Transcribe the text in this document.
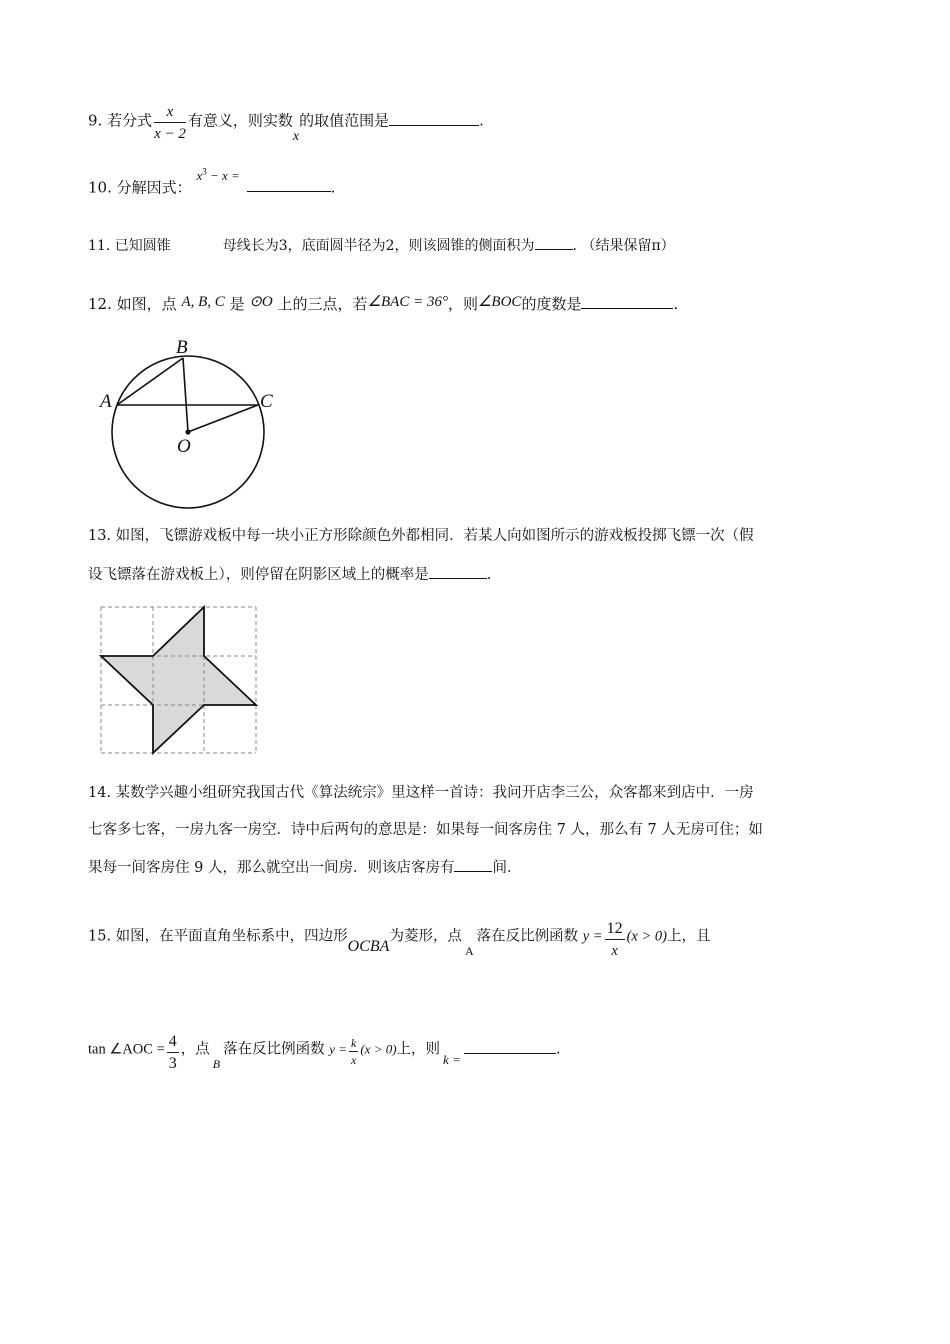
9. 若分式 $\frac{x}{x - 2}$ 有意义，则实数x的取值范围是	.
10. 分解因式： $x^3 - x$ = .
11. 已知圆锥	母线长为3，底面圆半径为2，则该圆锥的侧面积为	. （结果保留π）
12. 如图，点 A, B, C 是 ⊙O 上的三点，若∠BAC = 36°，则∠BOC的度数是	.
B
A	C
O
13. 如图，飞镖游戏板中每一块小正方形除颜色外都相同．若某人向如图所示的游戏板投掷飞镖一次（假
设飞镖落在游戏板上），则停留在阴影区域上的概率是	.
14. 某数学兴趣小组研究我国古代《算法统宗》里这样一首诗：我问开店李三公，众客都来到店中．一房
七客多七客，一房九客一房空．诗中后两句的意思是：如果每一间客房住 7 人，那么有 7 人无房可住；如
果每一间客房住 9 人，那么就空出一间房．则该店客房有	间．
15. 如图，在平面直角坐标系中，四边形OCBA为菱形，点$_A$落在反比例函数 $y = \frac{12}{x} (x > 0)$上，且
tan ∠AOC = $\frac{4}{3}$ ，点$_B$落在反比例函数 $y = \frac{k}{x} (x > 0)$上，则k =.
